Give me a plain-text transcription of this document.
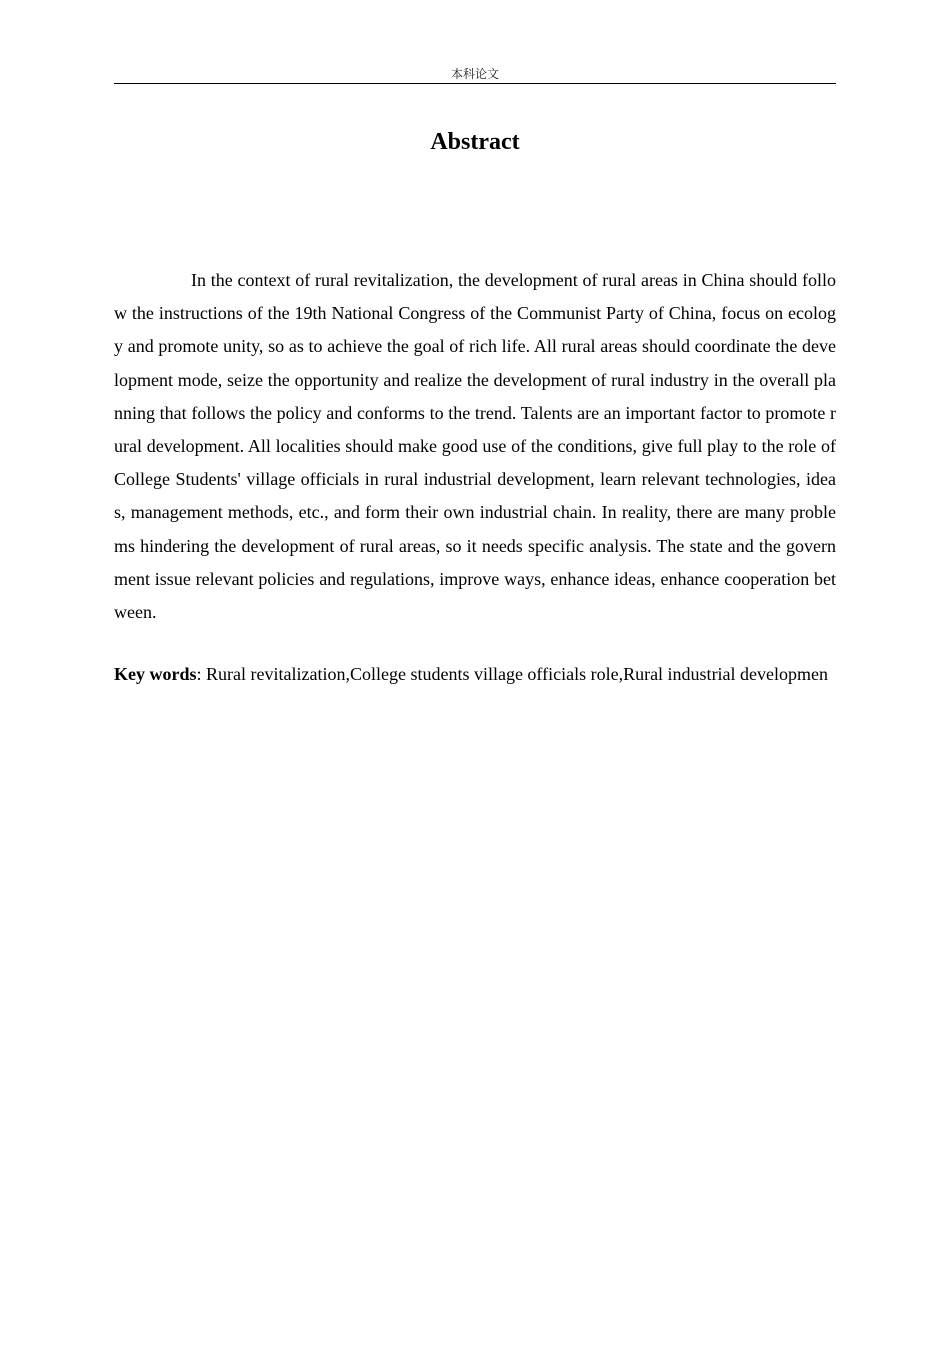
本科论文
Abstract

In the context of rural revitalization, the development of rural areas in China should follow the instructions of the 19th National Congress of the Communist Party of China, focus on ecology and promote unity, so as to achieve the goal of rich life. All rural areas should coordinate the development mode, seize the opportunity and realize the development of rural industry in the overall planning that follows the policy and conforms to the trend. Talents are an important factor to promote rural development. All localities should make good use of the conditions, give full play to the role of College Students' village officials in rural industrial development, learn relevant technologies, ideas, management methods, etc., and form their own industrial chain. In reality, there are many problems hindering the development of rural areas, so it needs specific analysis. The state and the government issue relevant policies and regulations, improve ways, enhance ideas, enhance cooperation between.

Key words: Rural revitalization,College students village officials role,Rural industrial developmen
